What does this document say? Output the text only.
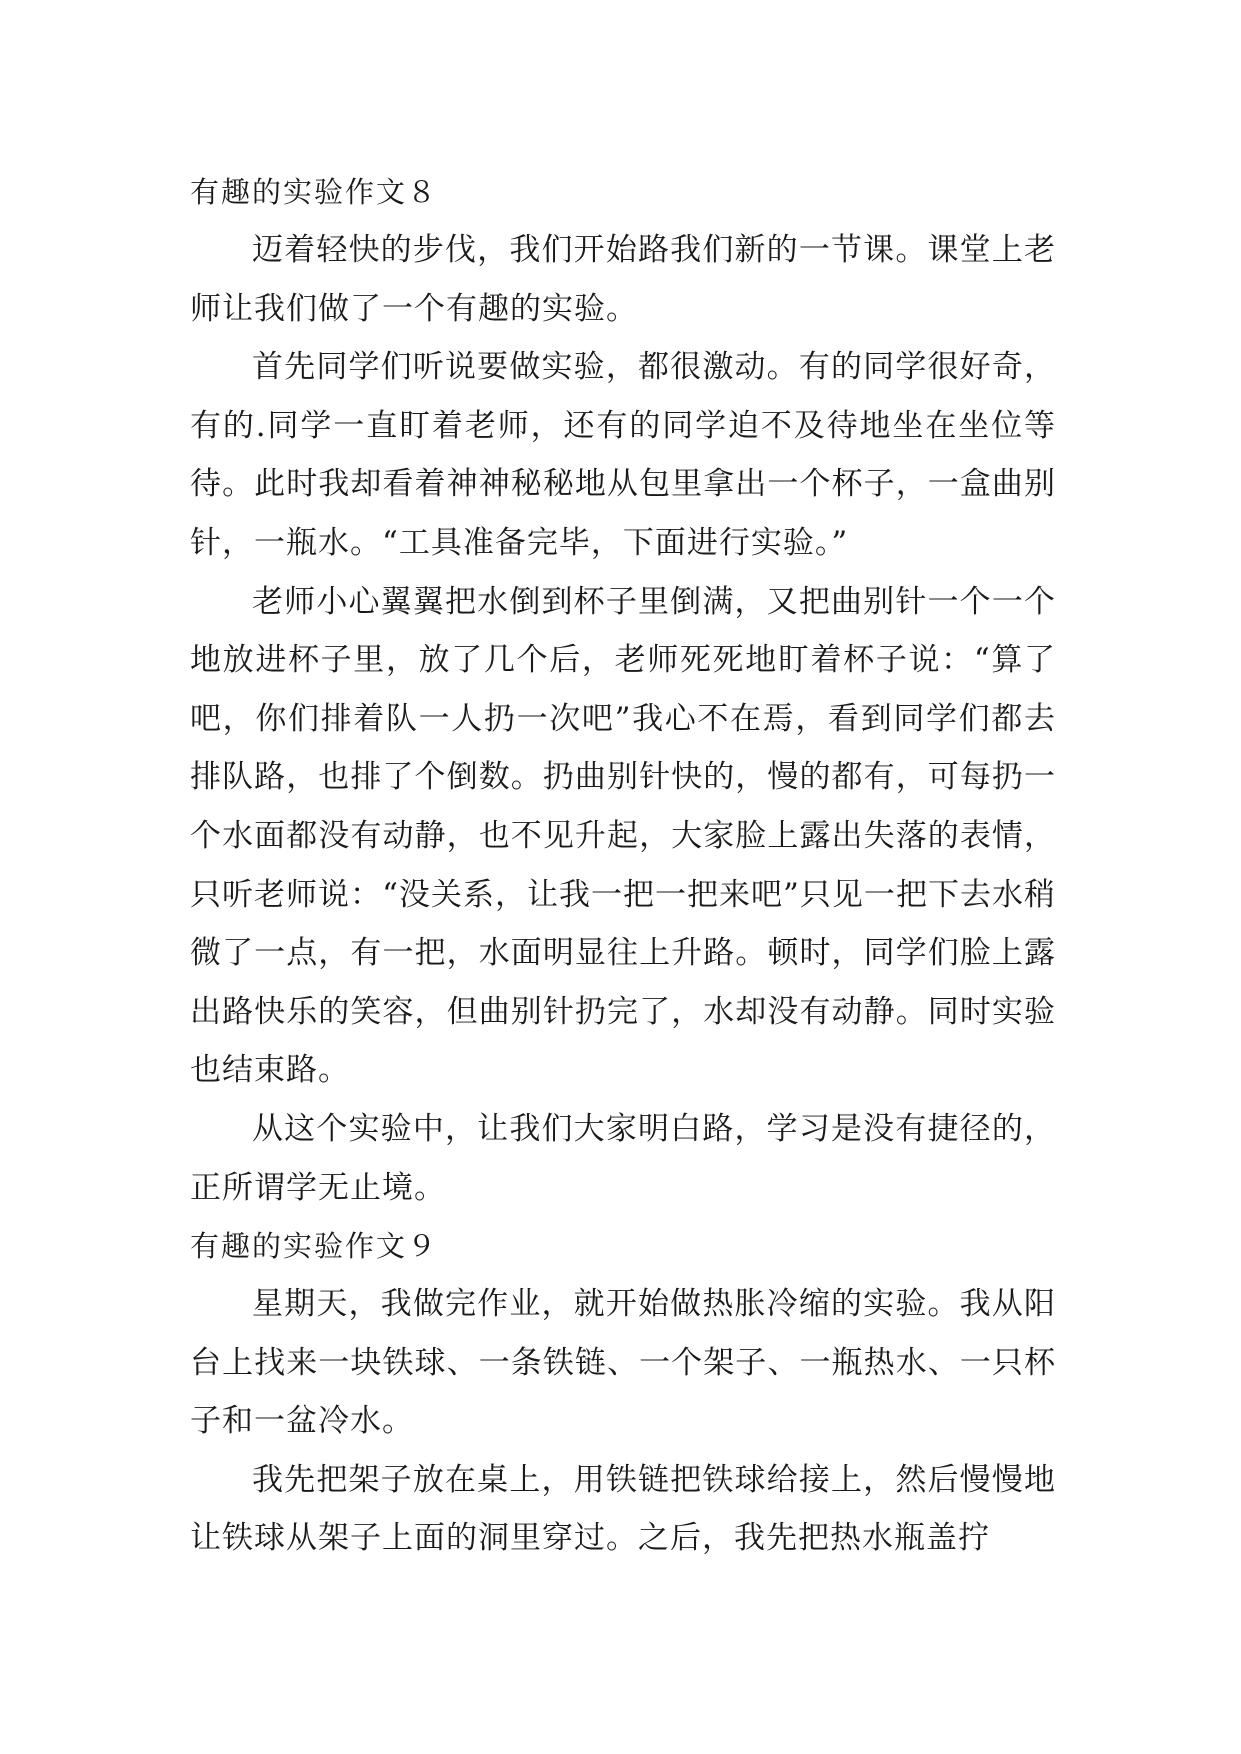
有趣的实验作文８

迈着轻快的步伐，我们开始路我们新的一节课。课堂上老师让我们做了一个有趣的实验。

首先同学们听说要做实验，都很激动。有的同学很好奇，有的.同学一直盯着老师，还有的同学迫不及待地坐在坐位等待。此时我却看着神神秘秘地从包里拿出一个杯子，一盒曲别针，一瓶水。“工具准备完毕，下面进行实验。”

老师小心翼翼把水倒到杯子里倒满，又把曲别针一个一个地放进杯子里，放了几个后，老师死死地盯着杯子说：“算了吧，你们排着队一人扔一次吧”我心不在焉，看到同学们都去排队路，也排了个倒数。扔曲别针快的，慢的都有，可每扔一个水面都没有动静，也不见升起，大家脸上露出失落的表情，只听老师说：“没关系，让我一把一把来吧”只见一把下去水稍微了一点，有一把，水面明显往上升路。顿时，同学们脸上露出路快乐的笑容，但曲别针扔完了，水却没有动静。同时实验也结束路。

从这个实验中，让我们大家明白路，学习是没有捷径的，正所谓学无止境。

有趣的实验作文９

星期天，我做完作业，就开始做热胀冷缩的实验。我从阳台上找来一块铁球、一条铁链、一个架子、一瓶热水、一只杯子和一盆冷水。

我先把架子放在桌上，用铁链把铁球给接上，然后慢慢地让铁球从架子上面的洞里穿过。之后，我先把热水瓶盖拧
